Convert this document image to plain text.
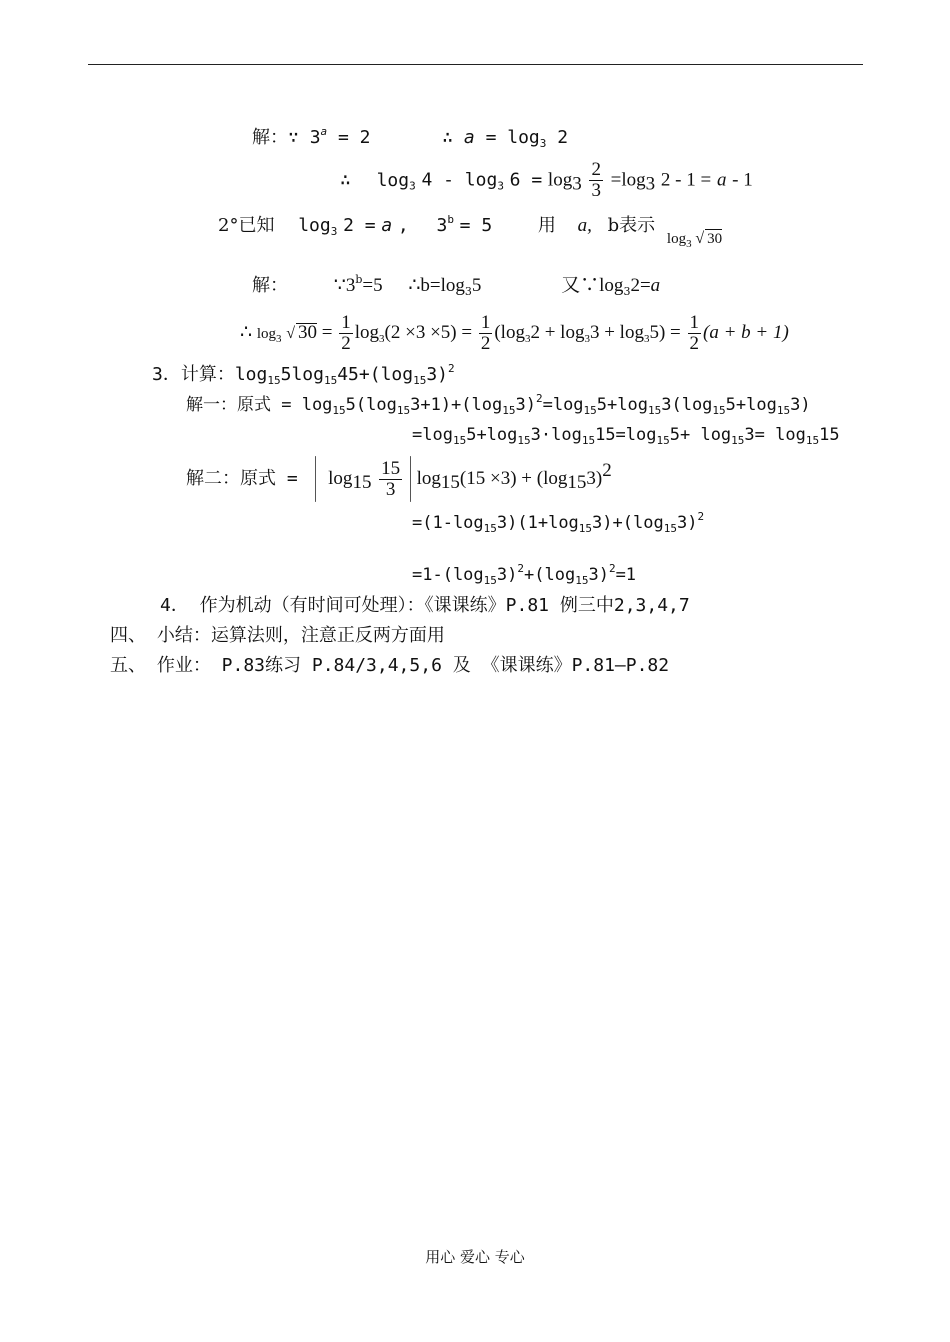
解：∵ $3^a = 2$	∴ $a = \log_3 2$
∴ $\log_3 4 - \log_3 6 = \log_3 \frac{2}{3} =\log_3$ 2 - 1 = a - 1
2°已知 $\log_3 2 = a$ , $3^b = 5$	用 a, b表示 $_{log_3 √ 30}$
解： $\because 3^b=5$ $\therefore b=\log_35$	又$\because\log_32=a$
∴ $\log_3$ √ $30 = \frac{1}{2} \log_3(2 \times 3 \times 5) = \frac{1}{2} (\log_32 + \log_33 + \log_35) = \frac{1}{2} (a + b + 1)$
3．计算：$\log_{15}5\log_{15}45+(\log_{15}3)^2$
解一：原式 = $\log_{15}5(\log_{15}3+1)+(\log_{15}3)^2=\log_{15}5+\log_{15}3(\log_{15}5+\log_{15}3)$
$=\log_{15}5+\log_{15}3\cdot\log_{15}15=\log_{15}5+ \log_{15}3= \log_{15}15$
解二：原式 = $\log_{15} \frac{15}{3} \log_{15}(15 \times 3) + (\log_{15}3)^2$
$=(1-\log_{15}3)(1+\log_{15}3)+(\log_{15}3)^2$
$=1-(\log_{15}3)^2+(\log_{15}3)^2=1$
4． 作为机动（有时间可处理）：《课课练》P.81 例三中2,3,4,7
四、 小结：运算法则，注意正反两方面用
五、 作业： P.83练习 P.84/3,4,5,6 及 《课课练》P.81—P.82
用心 爱心 专心
